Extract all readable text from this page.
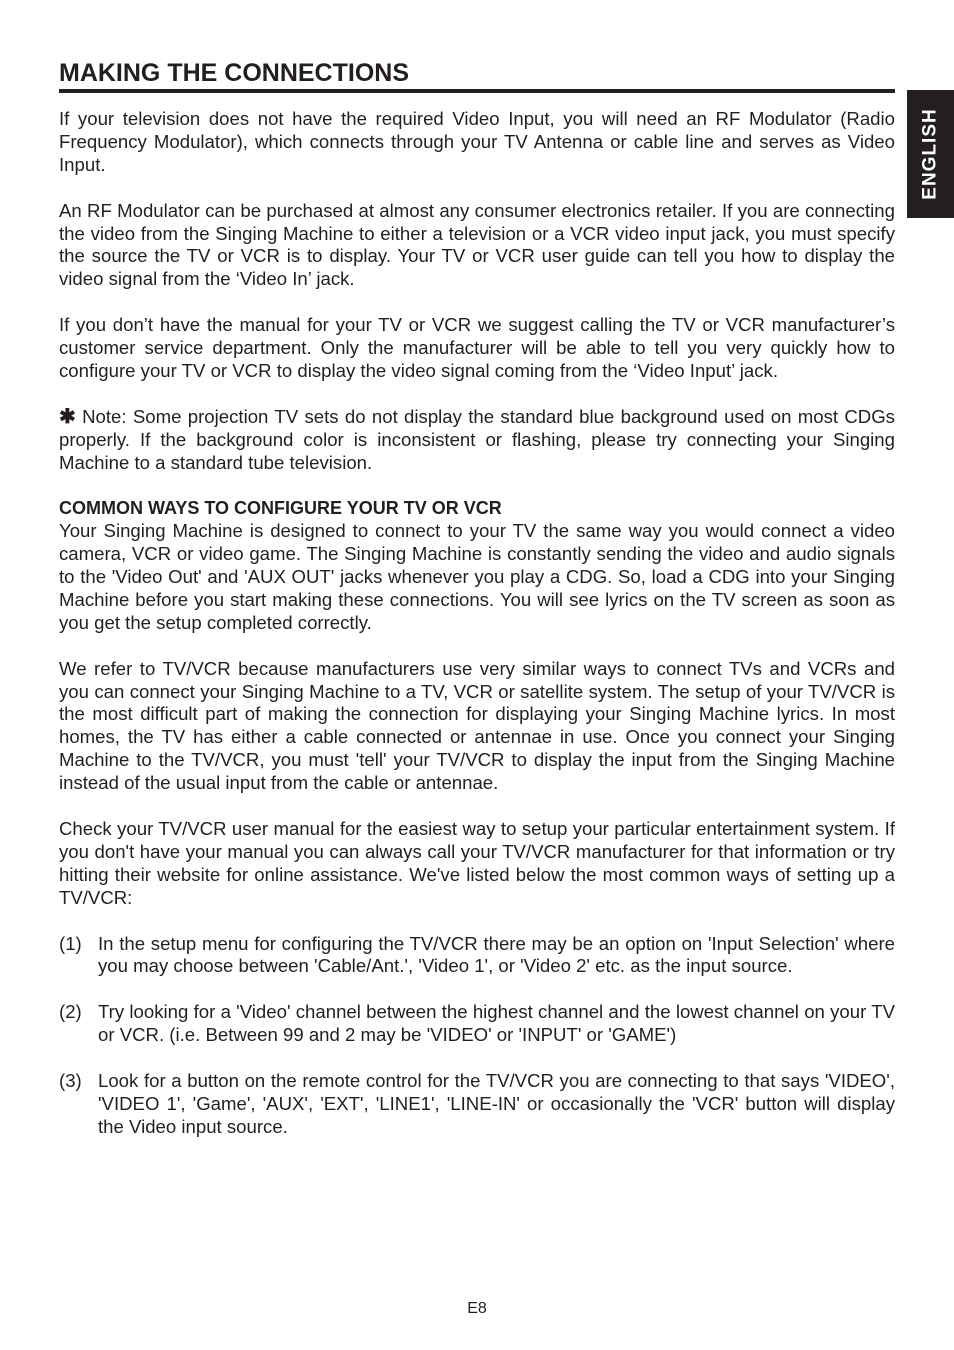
MAKING THE CONNECTIONS
ENGLISH

If your television does not have the required Video Input, you will need an RF Modulator (Radio Frequency Modulator), which connects through your TV Antenna or cable line and serves as Video Input.

An RF Modulator can be purchased at almost any consumer electronics retailer. If you are connecting the video from the Singing Machine to either a television or a VCR video input jack, you must specify the source the TV or VCR is to display. Your TV or VCR user guide can tell you how to display the video signal from the ‘Video In’ jack.

If you don’t have the manual for your TV or VCR we suggest calling the TV or VCR manufacturer’s customer service department. Only the manufacturer will be able to tell you very quickly how to configure your TV or VCR to display the video signal coming from the ‘Video Input’ jack.

✱ Note: Some projection TV sets do not display the standard blue background used on most CDGs properly. If the background color is inconsistent or flashing, please try connecting your Singing Machine to a standard tube television.

COMMON WAYS TO CONFIGURE YOUR TV OR VCR

Your Singing Machine is designed to connect to your TV the same way you would connect a video camera, VCR or video game. The Singing Machine is constantly sending the video and audio signals to the 'Video Out' and 'AUX OUT' jacks whenever you play a CDG. So, load a CDG into your Singing Machine before you start making these connections. You will see lyrics on the TV screen as soon as you get the setup completed correctly.

We refer to TV/VCR because manufacturers use very similar ways to connect TVs and VCRs and you can connect your Singing Machine to a TV, VCR or satellite system. The setup of your TV/VCR is the most difficult part of making the connection for displaying your Singing Machine lyrics. In most homes, the TV has either a cable connected or antennae in use. Once you connect your Singing Machine to the TV/VCR, you must 'tell' your TV/VCR to display the input from the Singing Machine instead of the usual input from the cable or antennae.

Check your TV/VCR user manual for the easiest way to setup your particular entertainment system. If you don't have your manual you can always call your TV/VCR manufacturer for that information or try hitting their website for online assistance. We've listed below the most common ways of setting up a TV/VCR:

(1) In the setup menu for configuring the TV/VCR there may be an option on 'Input Selection' where you may choose between 'Cable/Ant.', 'Video 1', or 'Video 2' etc. as the input source.
(2) Try looking for a 'Video' channel between the highest channel and the lowest channel on your TV or VCR. (i.e. Between 99 and 2 may be 'VIDEO' or 'INPUT' or 'GAME')
(3) Look for a button on the remote control for the TV/VCR you are connecting to that says 'VIDEO', 'VIDEO 1', 'Game', 'AUX', 'EXT', 'LINE1', 'LINE-IN' or occasionally the 'VCR' button will display the Video input source.
E8
